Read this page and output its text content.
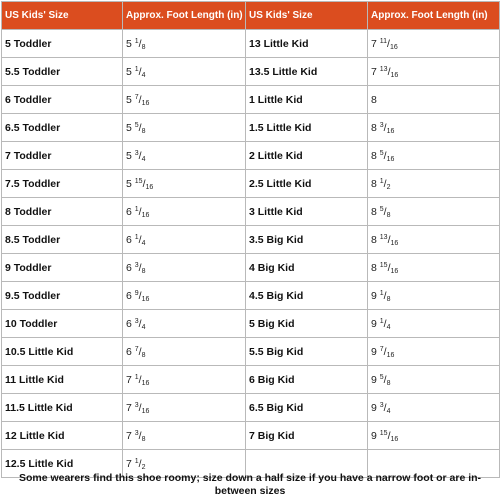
US Kids' Size	Approx. Foot Length (in)	US Kids' Size	Approx. Foot Length (in)
5 Toddler	5 $^1/_8$	13 Little Kid	7 $^{11}/_{16}$
5.5 Toddler	5 $^1/_4$	13.5 Little Kid	7 $^{13}/_{16}$
6 Toddler	5 $^7/_{16}$	1 Little Kid	8
6.5 Toddler	5 $^5/_8$	1.5 Little Kid	8 $^3/_{16}$
7 Toddler	5 $^3/_4$	2 Little Kid	8 $^5/_{16}$
7.5 Toddler	5 $^{15}/_{16}$	2.5 Little Kid	8 $^1/_2$
8 Toddler	6 $^1/_{16}$	3 Little Kid	8 $^5/_8$
8.5 Toddler	6 $^1/_4$	3.5 Big Kid	8 $^{13}/_{16}$
9 Toddler	6 $^3/_8$	4 Big Kid	8 $^{15}/_{16}$
9.5 Toddler	6 $^9/_{16}$	4.5 Big Kid	9 $^1/_8$
10 Toddler	6 $^3/_4$	5 Big Kid	9 $^1/_4$
10.5 Little Kid	6 $^7/_8$	5.5 Big Kid	9 $^7/_{16}$
11 Little Kid	7 $^1/_{16}$	6 Big Kid	9 $^5/_8$
11.5 Little Kid	7 $^3/_{16}$	6.5 Big Kid	9 $^3/_4$
12 Little Kid	7 $^3/_8$	7 Big Kid	9 $^{15}/_{16}$
12.5 Little Kid	7 $^1/_2$		
Some wearers find this shoe roomy; size down a half size if you have a narrow foot or are in-between sizes
